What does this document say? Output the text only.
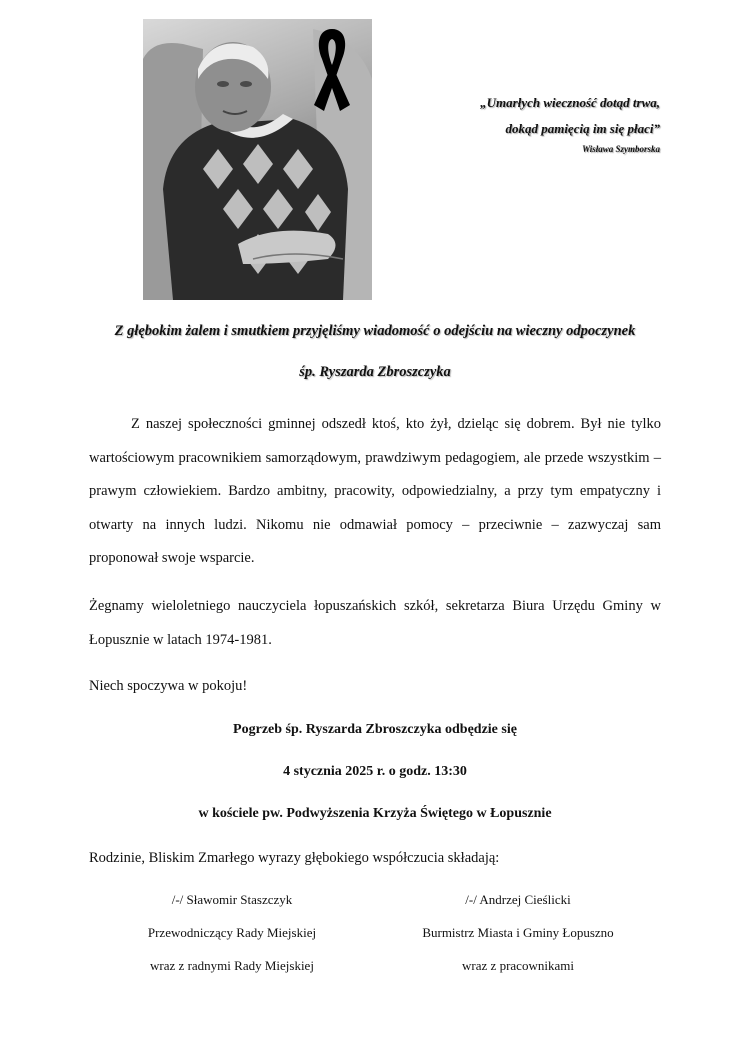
„Umarłych wieczność dotąd trwa,
dokąd pamięcią im się płaci”
Wisława Szymborska
Z głębokim żalem i smutkiem przyjęliśmy wiadomość o odejściu na wieczny odpoczynek
śp. Ryszarda Zbroszczyka

Z naszej społeczności gminnej odszedł ktoś, kto żył, dzieląc się dobrem. Był nie tylko wartościowym pracownikiem samorządowym, prawdziwym pedagogiem, ale przede wszystkim – prawym człowiekiem. Bardzo ambitny, pracowity, odpowiedzialny, a przy tym empatyczny i otwarty na innych ludzi. Nikomu nie odmawiał pomocy – przeciwnie – zazwyczaj sam proponował swoje wsparcie.

Żegnamy wieloletniego nauczyciela łopuszańskich szkół, sekretarza Biura Urzędu Gminy w Łopusznie w latach 1974-1981.

Niech spoczywa w pokoju!

Pogrzeb śp. Ryszarda Zbroszczyka odbędzie się
4 stycznia 2025 r. o godz. 13:30
w kościele pw. Podwyższenia Krzyża Świętego w Łopusznie
Rodzinie, Bliskim Zmarłego wyrazy głębokiego współczucia składają:
/-/ Sławomir Staszczyk
Przewodniczący Rady Miejskiej
wraz z radnymi Rady Miejskiej
/-/ Andrzej Cieślicki
Burmistrz Miasta i Gminy Łopuszno
wraz z pracownikami
